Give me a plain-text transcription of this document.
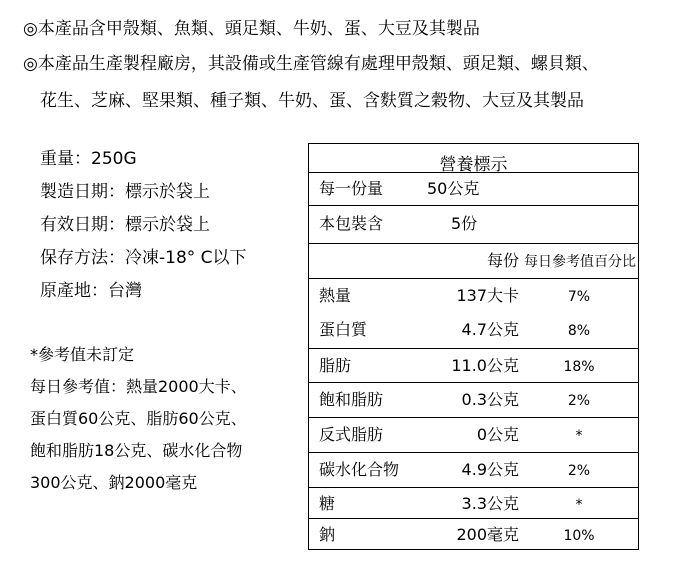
◎本產品含甲殼類、魚類、頭足類、牛奶、蛋、大豆及其製品
◎本產品生產製程廠房，其設備或生產管線有處理甲殼類、頭足類、螺貝類、
花生、芝麻、堅果類、種子類、牛奶、蛋、含麩質之穀物、大豆及其製品
重量：250G
製造日期：標示於袋上
有效日期：標示於袋上
保存方法：冷凍-18° C以下
原產地：台灣
*參考值未訂定
每日參考值：熱量2000大卡、
蛋白質60公克、脂肪60公克、
飽和脂肪18公克、碳水化合物
300公克、鈉2000毫克
營養標示
每一份量	50公克
本包裝含	5份
每份 每日參考值百分比
熱量	137大卡	7%
蛋白質	4.7公克	8%
脂肪	11.0公克	18%
飽和脂肪	0.3公克	2%
反式脂肪	0公克	*
碳水化合物	4.9公克	2%
糖	3.3公克	*
鈉	200毫克	10%
